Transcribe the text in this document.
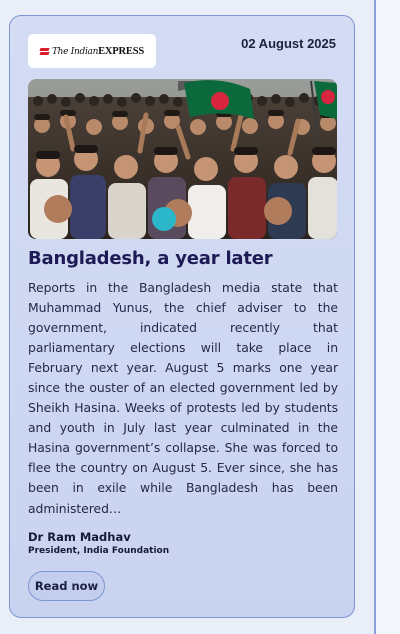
The Indian EXPRESS	02 August 2025
Bangladesh, a year later
Reports in the Bangladesh media state that Muhammad Yunus, the chief adviser to the government, indicated recently that parliamentary elections will take place in February next year. August 5 marks one year since the ouster of an elected government led by Sheikh Hasina. Weeks of protests led by students and youth in July last year culminated in the Hasina government’s collapse. She was forced to flee the country on August 5. Ever since, she has been in exile while Bangladesh has been administered…
Dr Ram Madhav
President, India Foundation
Read now
